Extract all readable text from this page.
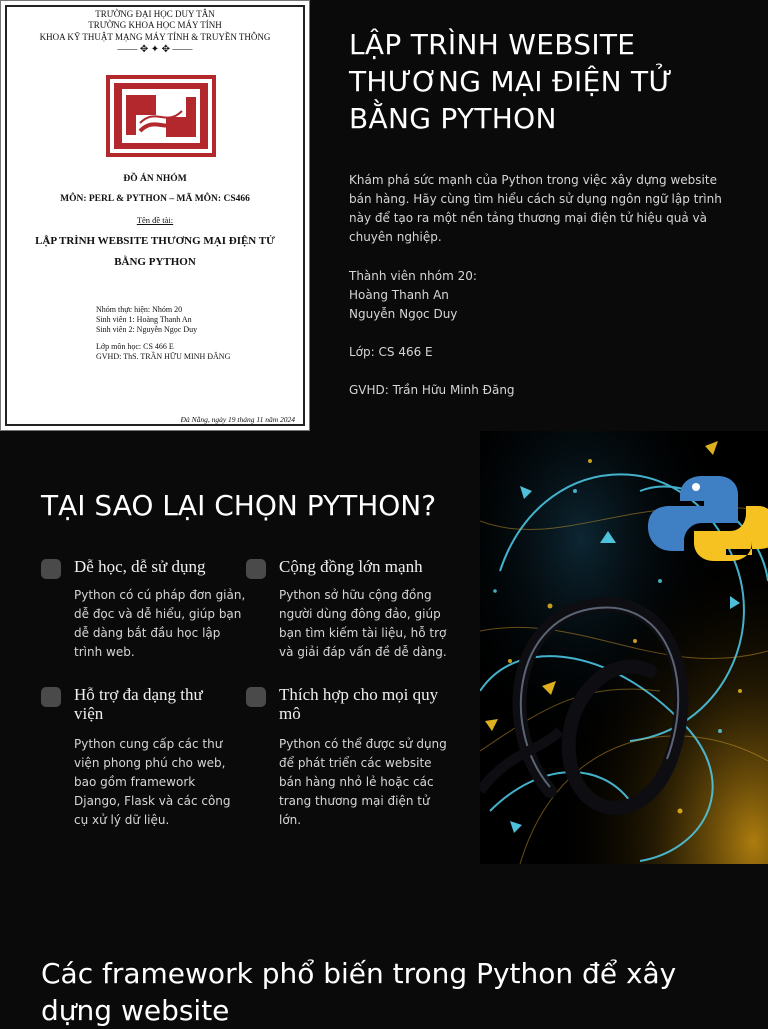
TRƯỜNG ĐẠI HỌC DUY TÂN
TRƯỜNG KHOA HỌC MÁY TÍNH
KHOA KỸ THUẬT MẠNG MÁY TÍNH & TRUYỀN THÔNG
—— ✥ ✦ ✥ ——
ĐỒ ÁN NHÓM
MÔN: PERL & PYTHON – MÃ MÔN: CS466
Tên đề tài:
LẬP TRÌNH WEBSITE THƯƠNG MẠI ĐIỆN TỬ
BẰNG PYTHON
Nhóm thực hiện: Nhóm 20
Sinh viên 1: Hoàng Thanh An
Sinh viên 2: Nguyễn Ngọc Duy
Lớp môn học: CS 466 E
GVHD: ThS. TRẦN HỮU MINH ĐĂNG
Đà Nẵng, ngày 19 tháng 11 năm 2024
LẬP TRÌNH WEBSITE THƯƠNG MẠI ĐIỆN TỬ BẰNG PYTHON

Khám phá sức mạnh của Python trong việc xây dựng website bán hàng. Hãy cùng tìm hiểu cách sử dụng ngôn ngữ lập trình này để tạo ra một nền tảng thương mại điện tử hiệu quả và chuyên nghiệp.

Thành viên nhóm 20:
Hoàng Thanh An
Nguyễn Ngọc Duy
Lớp: CS 466 E
GVHD: Trần Hữu Minh Đăng
TẠI SAO LẠI CHỌN PYTHON?
Dễ học, dễ sử dụng

Python có cú pháp đơn giản, dễ đọc và dễ hiểu, giúp bạn dễ dàng bắt đầu học lập trình web.

Cộng đồng lớn mạnh

Python sở hữu cộng đồng người dùng đông đảo, giúp bạn tìm kiếm tài liệu, hỗ trợ và giải đáp vấn đề dễ dàng.

Hỗ trợ đa dạng thư viện

Python cung cấp các thư viện phong phú cho web, bao gồm framework Django, Flask và các công cụ xử lý dữ liệu.

Thích hợp cho mọi quy mô

Python có thể được sử dụng để phát triển các website bán hàng nhỏ lẻ hoặc các trang thương mại điện tử lớn.

Các framework phổ biến trong Python để xây dựng website
